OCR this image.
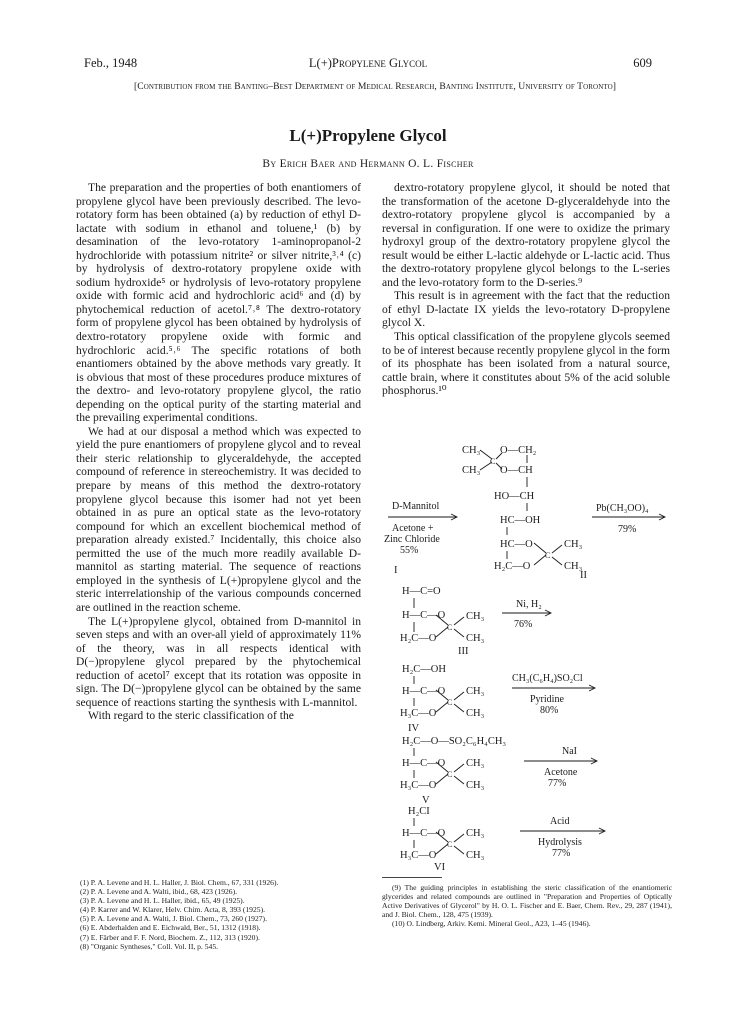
Feb., 1948	L(+)Propylene Glycol	609
[Contribution from the Banting–Best Department of Medical Research, Banting Institute, University of Toronto]
L(+)Propylene Glycol
By Erich Baer and Hermann O. L. Fischer

The preparation and the properties of both enantiomers of propylene glycol have been previously described. The levo-rotatory form has been obtained (a) by reduction of ethyl D-lactate with sodium in ethanol and toluene,¹ (b) by desamination of the levo-rotatory 1-aminopropanol-2 hydrochloride with potassium nitrite² or silver nitrite,³˒⁴ (c) by hydrolysis of dextro-rotatory propylene oxide with sodium hydroxide⁵ or hydrolysis of levo-rotatory propylene oxide with formic acid and hydrochloric acid⁶ and (d) by phytochemical reduction of acetol.⁷˒⁸ The dextro-rotatory form of propylene glycol has been obtained by hydrolysis of dextro-rotatory propylene oxide with formic and hydrochloric acid.⁵˒⁶ The specific rotations of both enantiomers obtained by the above methods vary greatly. It is obvious that most of these procedures produce mixtures of the dextro- and levo-rotatory propylene glycol, the ratio depending on the optical purity of the starting material and the prevailing experimental conditions.

We had at our disposal a method which was expected to yield the pure enantiomers of propylene glycol and to reveal their steric relationship to glyceraldehyde, the accepted compound of reference in stereochemistry. It was decided to prepare by means of this method the dextro-rotatory propylene glycol because this isomer had not yet been obtained in as pure an optical state as the levo-rotatory compound for which an excellent biochemical method of preparation already existed.⁷ Incidentally, this choice also permitted the use of the much more readily available D-mannitol as starting material. The sequence of reactions employed in the synthesis of L(+)propylene glycol and the steric interrelationship of the various compounds concerned are outlined in the reaction scheme.

The L(+)propylene glycol, obtained from D-mannitol in seven steps and with an over-all yield of approximately 11% of the theory, was in all respects identical with D(−)propylene glycol prepared by the phytochemical reduction of acetol⁷ except that its rotation was opposite in sign. The D(−)propylene glycol can be obtained by the same sequence of reactions starting the synthesis with L-mannitol.

With regard to the steric classification of the

dextro-rotatory propylene glycol, it should be noted that the transformation of the acetone D-glyceraldehyde into the dextro-rotatory propylene glycol is accompanied by a reversal in configuration. If one were to oxidize the primary hydroxyl group of the dextro-rotatory propylene glycol the result would be either L-lactic aldehyde or L-lactic acid. Thus the dextro-rotatory propylene glycol belongs to the L-series and the levo-rotatory form to the D-series.⁹

This result is in agreement with the fact that the reduction of ethyl D-lactate IX yields the levo-rotatory D-propylene glycol X.

This optical classification of the propylene glycols seemed to be of interest because recently propylene glycol in the form of its phosphate has been isolated from a natural source, cattle brain, where it constitutes about 5% of the acid soluble phosphorus.¹⁰

CH₃
CH₃
O—CH₂
O—CH
C
HO—CH
HC—OH
HC—O
H₂C—O
C
CH₃
CH₃
I	II
D-Mannitol
Acetone +
Zinc Chloride
55%
Pb(CH₃OO)₄
79%
H—C=O
H—C—O
H₂C—O
C
CH₃
CH₃
III
Ni, H₂
76%
H₂C—OH
H—C—O
H₃C—O
C
CH₃
CH₃
IV
CH₃(C₆H₄)SO₂Cl
Pyridine
80%
H₂C—O—SO₂C₆H₄CH₃
H—C—O
H₃C—O
C
CH₃
CH₃
V
NaI
Acetone
77%
H₂CI
H—C—O
H₃C—O
C
CH₃
CH₃
VI
Acid
Hydrolysis
77%
(1) P. A. Levene and H. L. Haller, J. Biol. Chem., 67, 331 (1926).
(2) P. A. Levene and A. Walti, ibid., 68, 423 (1926).
(3) P. A. Levene and H. L. Haller, ibid., 65, 49 (1925).
(4) P. Karrer and W. Klarer, Helv. Chim. Acta, 8, 393 (1925).
(5) P. A. Levene and A. Walti, J. Biol. Chem., 73, 260 (1927).
(6) E. Abderhalden and E. Eichwald, Ber., 51, 1312 (1918).
(7) E. Färber and F. F. Nord, Biochem. Z., 112, 313 (1920).
(8) "Organic Syntheses," Coll. Vol. II, p. 545.
(9) The guiding principles in establishing the steric classification of the enantiomeric glycerides and related compounds are outlined in "Preparation and Properties of Optically Active Derivatives of Glycerol" by H. O. L. Fischer and E. Baer, Chem. Rev., 29, 287 (1941), and J. Biol. Chem., 128, 475 (1939).
(10) O. Lindberg, Arkiv. Kemi. Mineral Geol., A23, 1–45 (1946).
